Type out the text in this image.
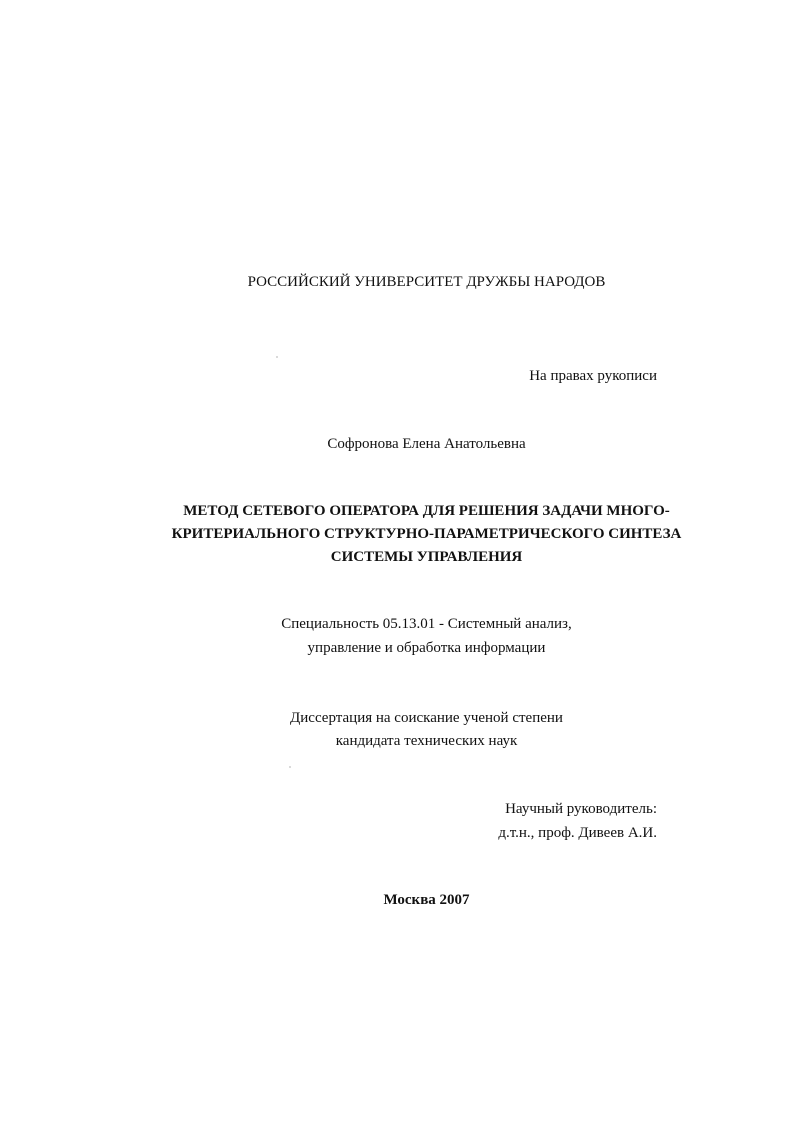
РОССИЙСКИЙ УНИВЕРСИТЕТ ДРУЖБЫ НАРОДОВ
На правах рукописи
Софронова Елена Анатольевна
МЕТОД СЕТЕВОГО ОПЕРАТОРА ДЛЯ РЕШЕНИЯ ЗАДАЧИ МНОГО-
КРИТЕРИАЛЬНОГО СТРУКТУРНО-ПАРАМЕТРИЧЕСКОГО СИНТЕЗА
СИСТЕМЫ УПРАВЛЕНИЯ
Специальность 05.13.01 - Системный анализ,
управление и обработка информации
Диссертация на соискание ученой степени
кандидата технических наук
Научный руководитель:
д.т.н., проф. Дивеев А.И.
Москва 2007
